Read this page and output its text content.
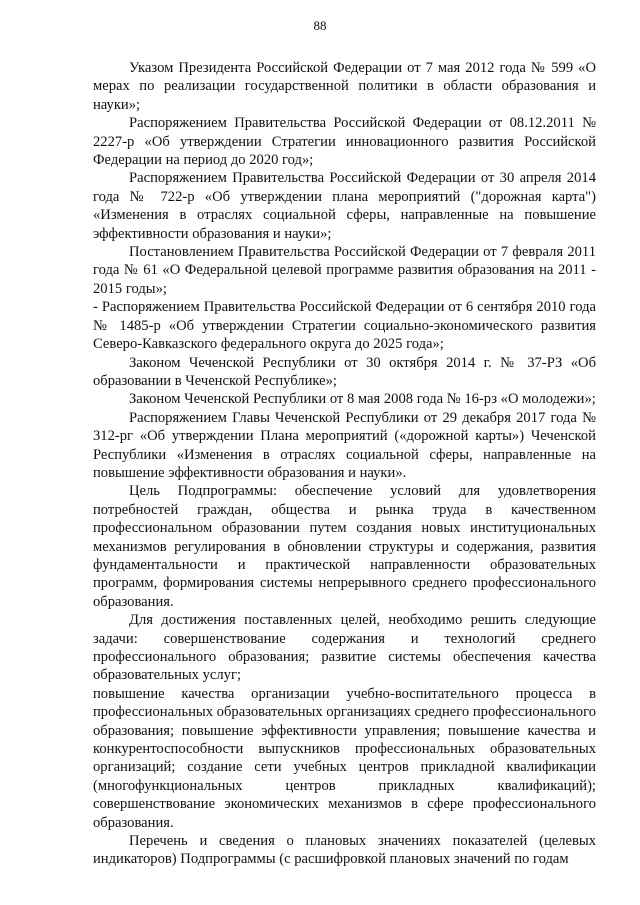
88

Указом Президента Российской Федерации от 7 мая 2012 года № 599 «О мерах по реализации государственной политики в области образования и науки»;

Распоряжением Правительства Российской Федерации от 08.12.2011 № 2227-р «Об утверждении Стратегии инновационного развития Российской Федерации на период до 2020 год»;

Распоряжением Правительства Российской Федерации от 30 апреля 2014 года № 722-р «Об утверждении плана мероприятий ("дорожная карта") «Изменения в отраслях социальной сферы, направленные на повышение эффективности образования и науки»;

Постановлением Правительства Российской Федерации от 7 февраля 2011 года № 61 «О Федеральной целевой программе развития образования на 2011 - 2015 годы»;

- Распоряжением Правительства Российской Федерации от 6 сентября 2010 года № 1485-р «Об утверждении Стратегии социально-экономического развития Северо-Кавказского федерального округа до 2025 года»;

Законом Чеченской Республики от 30 октября 2014 г. № 37-РЗ «Об образовании в Чеченской Республике»;

Законом Чеченской Республики от 8 мая 2008 года № 16-рз «О молодежи»;

Распоряжением Главы Чеченской Республики от 29 декабря 2017 года № 312-рг «Об утверждении Плана мероприятий («дорожной карты») Чеченской Республики «Изменения в отраслях социальной сферы, направленные на повышение эффективности образования и науки».

Цель Подпрограммы: обеспечение условий для удовлетворения потребностей граждан, общества и рынка труда в качественном профессиональном образовании путем создания новых институциональных механизмов регулирования в обновлении структуры и содержания, развития фундаментальности и практической направленности образовательных программ, формирования системы непрерывного среднего профессионального образования.

Для достижения поставленных целей, необходимо решить следующие задачи: совершенствование содержания и технологий среднего профессионального образования; развитие системы обеспечения качества образовательных услуг;

повышение качества организации учебно-воспитательного процесса в профессиональных образовательных организациях среднего профессионального образования; повышение эффективности управления; повышение качества и конкурентоспособности выпускников профессиональных образовательных организаций; создание сети учебных центров прикладной квалификации (многофункциональных центров прикладных квалификаций); совершенствование экономических механизмов в сфере профессионального образования.

Перечень и сведения о плановых значениях показателей (целевых индикаторов) Подпрограммы (с расшифровкой плановых значений по годам
